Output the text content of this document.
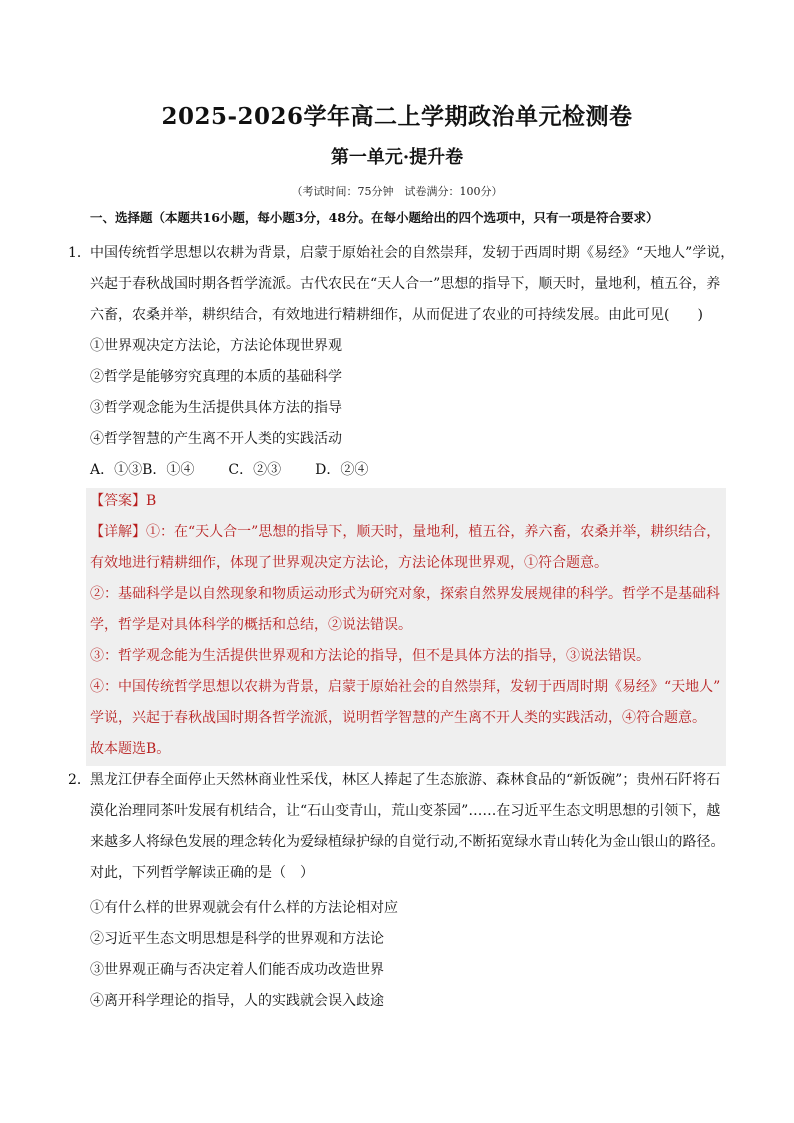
2025-2026学年高二上学期政治单元检测卷
第一单元·提升卷
（考试时间：75分钟　试卷满分：100分）
一、选择题（本题共16小题，每小题3分，48分。在每小题给出的四个选项中，只有一项是符合要求）
1． 中国传统哲学思想以农耕为背景，启蒙于原始社会的自然崇拜，发轫于西周时期《易经》“天地人”学说，
兴起于春秋战国时期各哲学流派。古代农民在“天人合一”思想的指导下，顺天时，量地利，植五谷，养
六畜，农桑并举，耕织结合，有效地进行精耕细作，从而促进了农业的可持续发展。由此可见(　　)
①世界观决定方法论，方法论体现世界观
②哲学是能够穷究真理的本质的基础科学
③哲学观念能为生活提供具体方法的指导
④哲学智慧的产生离不开人类的实践活动
A．①③B．①④ C．②③ D．②④
【答案】B
【详解】①：在“天人合一”思想的指导下，顺天时，量地利，植五谷，养六畜，农桑并举，耕织结合，
有效地进行精耕细作，体现了世界观决定方法论，方法论体现世界观，①符合题意。
②：基础科学是以自然现象和物质运动形式为研究对象，探索自然界发展规律的科学。哲学不是基础科
学，哲学是对具体科学的概括和总结，②说法错误。
③：哲学观念能为生活提供世界观和方法论的指导，但不是具体方法的指导，③说法错误。
④：中国传统哲学思想以农耕为背景，启蒙于原始社会的自然崇拜，发轫于西周时期《易经》“天地人”
学说，兴起于春秋战国时期各哲学流派，说明哲学智慧的产生离不开人类的实践活动，④符合题意。
故本题选B。
2． 黑龙江伊春全面停止天然林商业性采伐，林区人捧起了生态旅游、森林食品的“新饭碗”；贵州石阡将石
漠化治理同茶叶发展有机结合，让“石山变青山，荒山变茶园”……在习近平生态文明思想的引领下，越
来越多人将绿色发展的理念转化为爱绿植绿护绿的自觉行动,不断拓宽绿水青山转化为金山银山的路径。
对此，下列哲学解读正确的是（　）
①有什么样的世界观就会有什么样的方法论相对应
②习近平生态文明思想是科学的世界观和方法论
③世界观正确与否决定着人们能否成功改造世界
④离开科学理论的指导，人的实践就会误入歧途
